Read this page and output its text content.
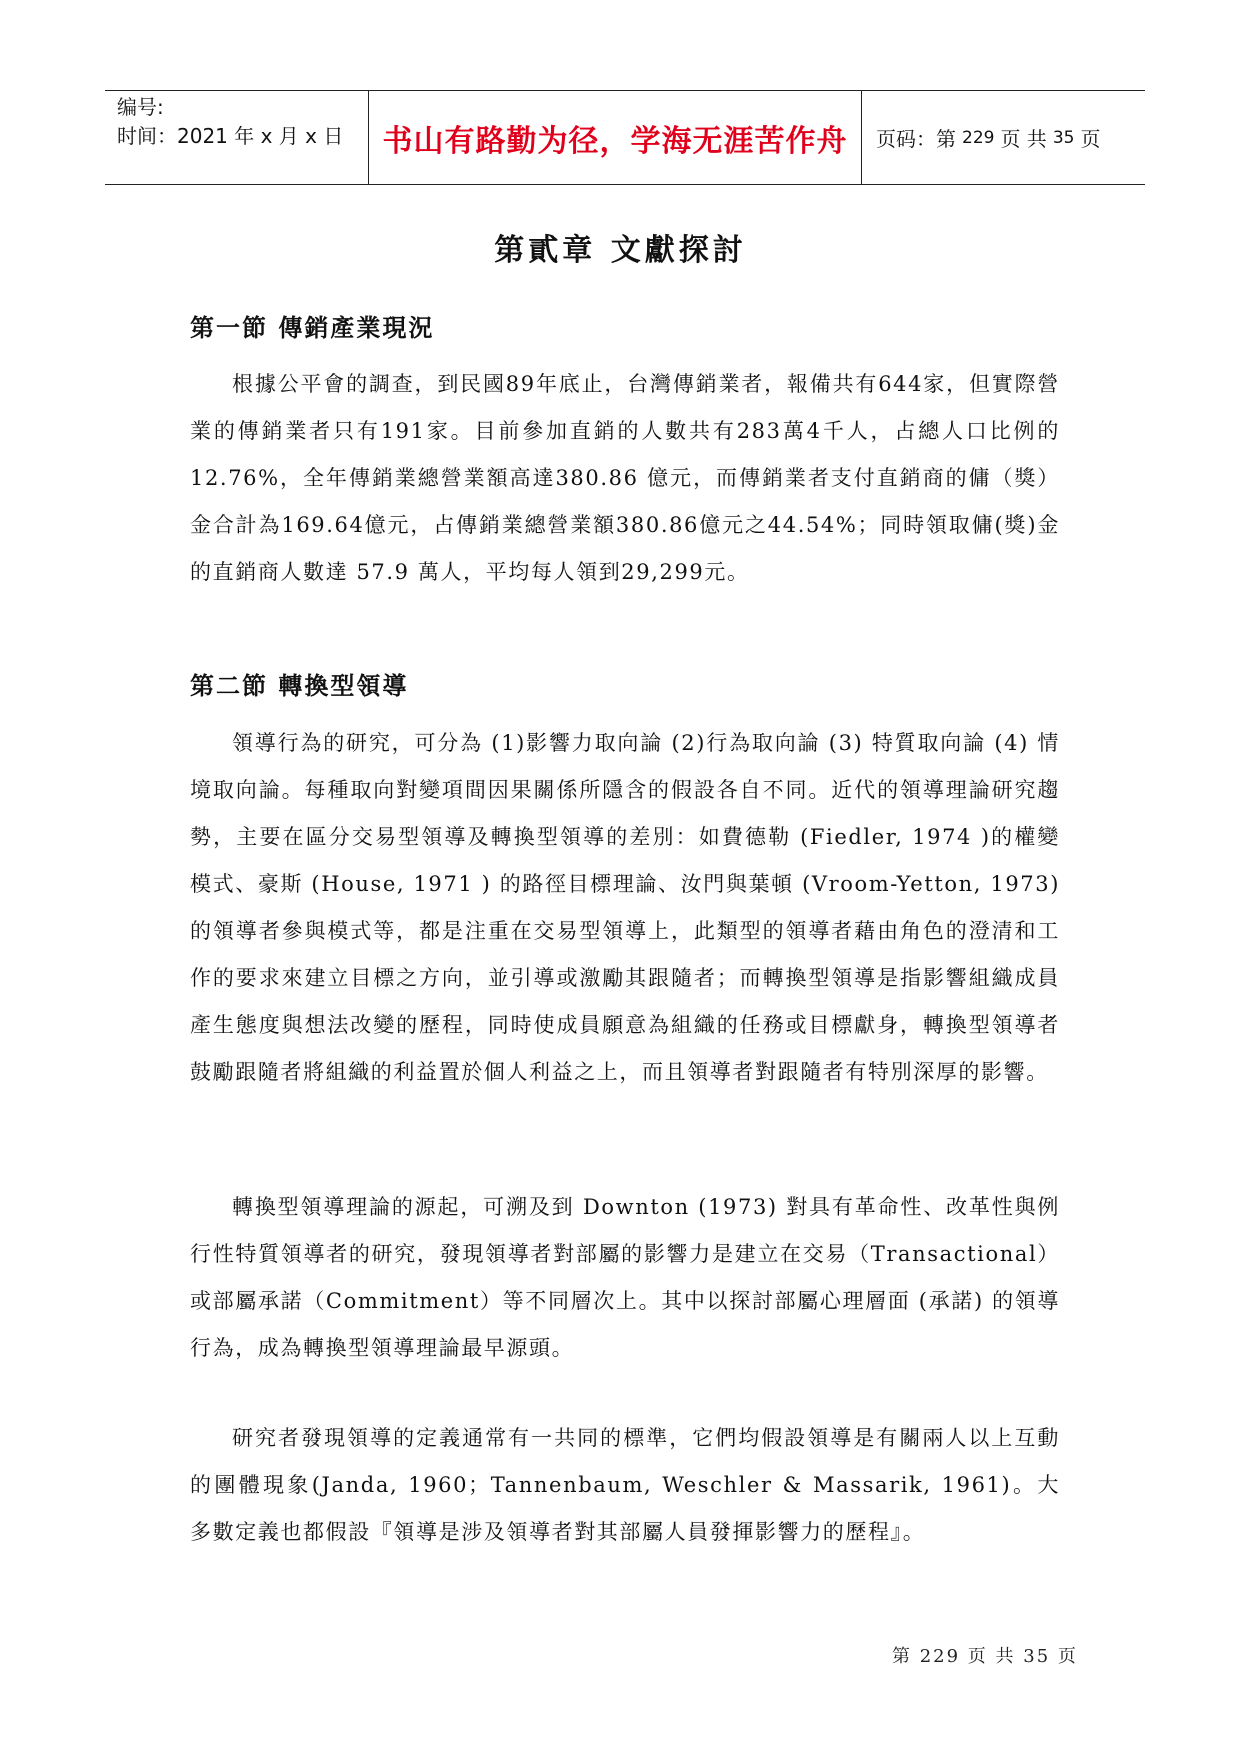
编号:
时间：2021 年 x 月 x 日	书山有路勤为径，学海无涯苦作舟	页码：第 229 页 共 35 页
第貳章 文獻探討
第一節 傳銷產業現況

根據公平會的調查，到民國89年底止，台灣傳銷業者，報備共有644家，但實際營業的傳銷業者只有191家。目前參加直銷的人數共有283萬4千人，占總人口比例的12.76%，全年傳銷業總營業額高達380.86 億元，而傳銷業者支付直銷商的傭（獎）金合計為169.64億元，占傳銷業總營業額380.86億元之44.54%；同時領取傭(獎)金的直銷商人數達 57.9 萬人，平均每人領到29,299元。

第二節 轉換型領導

領導行為的研究，可分為 (1)影響力取向論 (2)行為取向論 (3) 特質取向論 (4) 情境取向論。每種取向對變項間因果關係所隱含的假設各自不同。近代的領導理論研究趨勢，主要在區分交易型領導及轉換型領導的差別：如費德勒 (Fiedler, 1974 )的權變模式、豪斯 (House, 1971 ) 的路徑目標理論、汝門與葉頓 (Vroom-Yetton, 1973) 的領導者參與模式等，都是注重在交易型領導上，此類型的領導者藉由角色的澄清和工作的要求來建立目標之方向，並引導或激勵其跟隨者；而轉換型領導是指影響組織成員產生態度與想法改變的歷程，同時使成員願意為組織的任務或目標獻身，轉換型領導者鼓勵跟隨者將組織的利益置於個人利益之上，而且領導者對跟隨者有特別深厚的影響。

轉換型領導理論的源起，可溯及到 Downton (1973) 對具有革命性、改革性與例行性特質領導者的研究，發現領導者對部屬的影響力是建立在交易（Transactional）或部屬承諾（Commitment）等不同層次上。其中以探討部屬心理層面 (承諾) 的領導行為，成為轉換型領導理論最早源頭。

研究者發現領導的定義通常有一共同的標準，它們均假設領導是有關兩人以上互動的團體現象(Janda, 1960；Tannenbaum, Weschler & Massarik, 1961)。大多數定義也都假設『領導是涉及領導者對其部屬人員發揮影響力的歷程』。

第 229 页 共 35 页
